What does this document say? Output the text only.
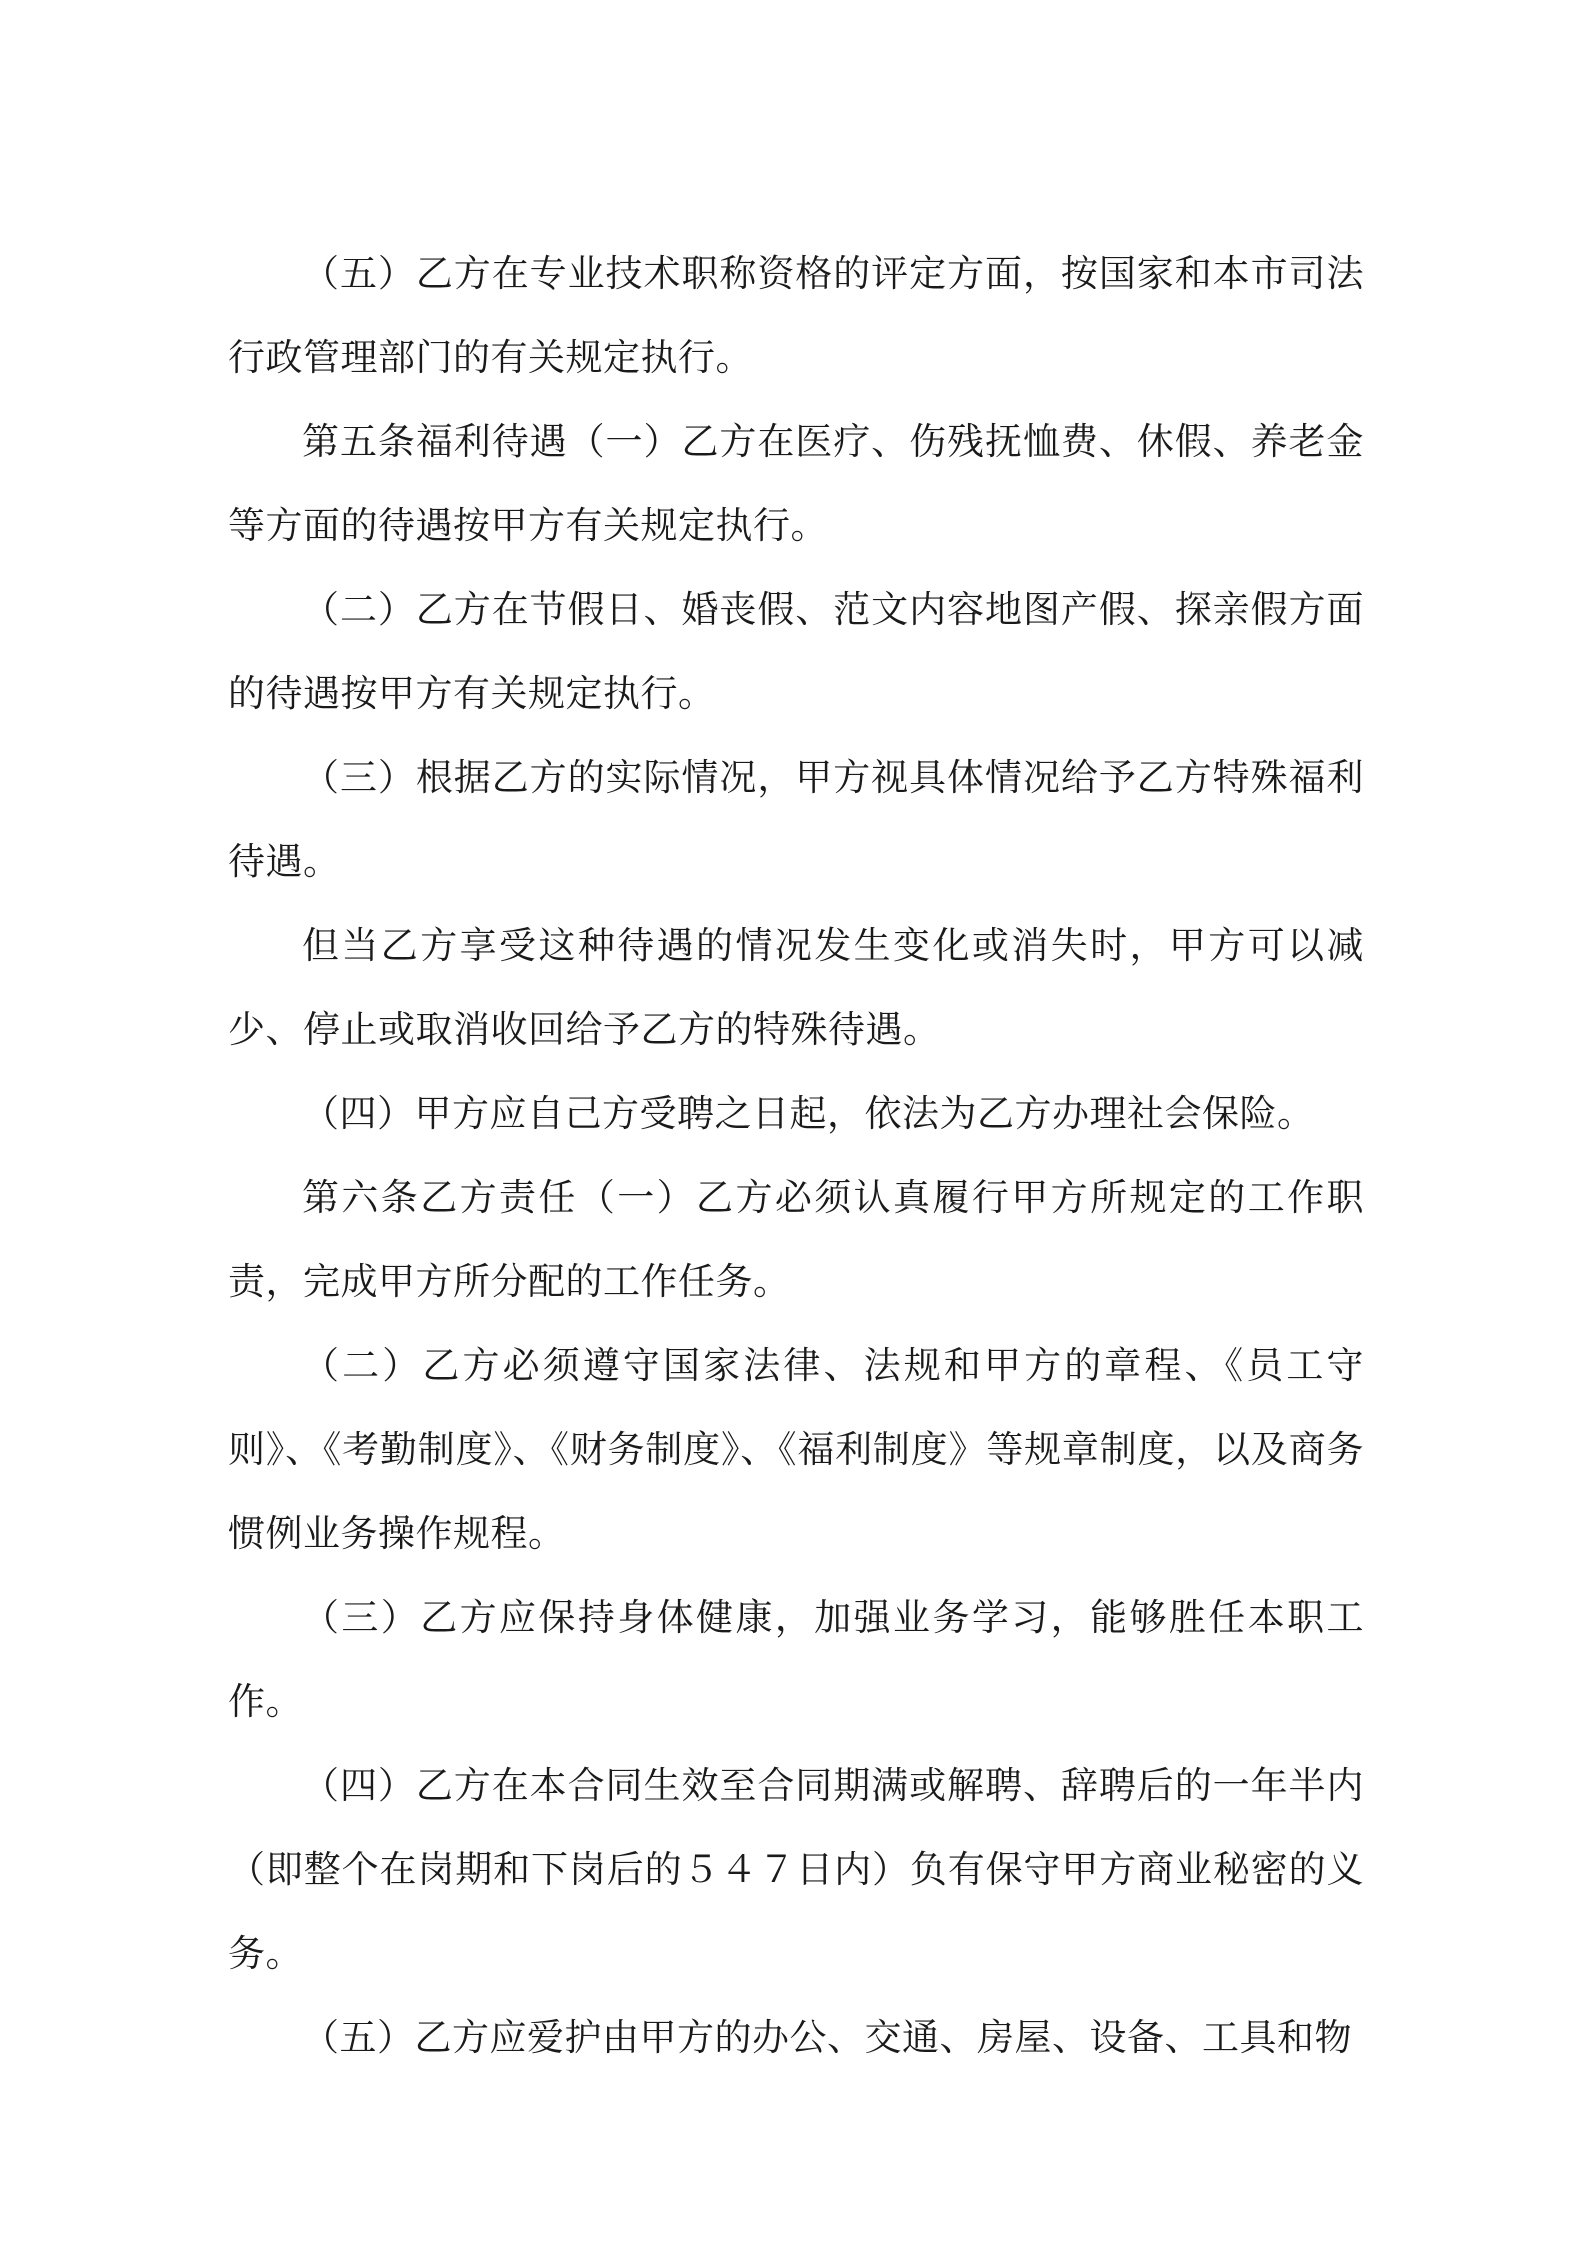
（五）乙方在专业技术职称资格的评定方面，按国家和本市司法行政管理部门的有关规定执行。

第五条福利待遇（一）乙方在医疗、伤残抚恤费、休假、养老金等方面的待遇按甲方有关规定执行。

（二）乙方在节假日、婚丧假、范文内容地图产假、探亲假方面的待遇按甲方有关规定执行。

（三）根据乙方的实际情况，甲方视具体情况给予乙方特殊福利待遇。

但当乙方享受这种待遇的情况发生变化或消失时，甲方可以减少、停止或取消收回给予乙方的特殊待遇。

（四）甲方应自己方受聘之日起，依法为乙方办理社会保险。

第六条乙方责任（一）乙方必须认真履行甲方所规定的工作职责，完成甲方所分配的工作任务。

（二）乙方必须遵守国家法律、法规和甲方的章程、《员工守则》、《考勤制度》、《财务制度》、《福利制度》等规章制度，以及商务惯例业务操作规程。

（三）乙方应保持身体健康，加强业务学习，能够胜任本职工作。

（四）乙方在本合同生效至合同期满或解聘、辞聘后的一年半内（即整个在岗期和下岗后的５４７日内）负有保守甲方商业秘密的义务。

（五）乙方应爱护由甲方的办公、交通、房屋、设备、工具和物
